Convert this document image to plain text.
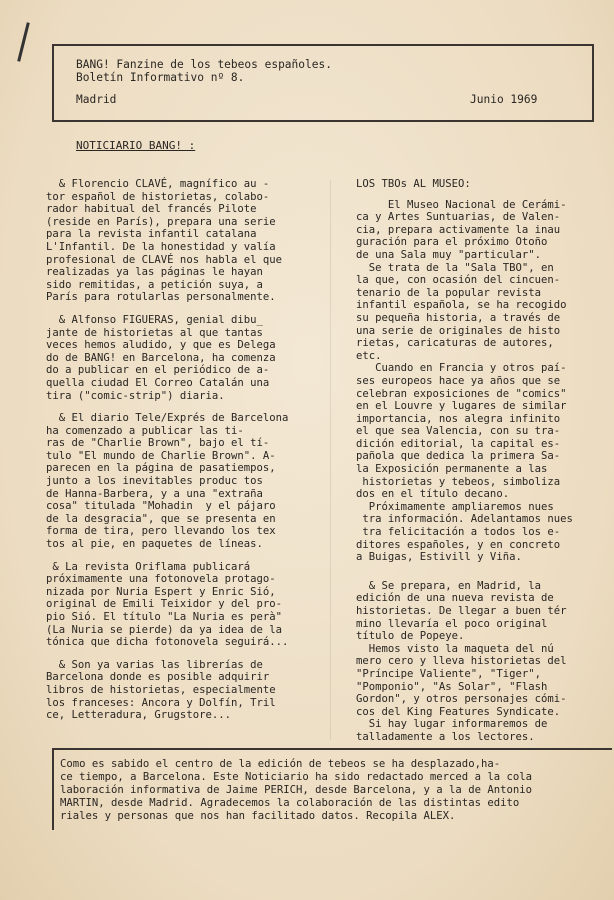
BANG! Fanzine de los tebeos españoles.
Boletín Informativo nº 8.
Madrid	Junio 1969
NOTICIARIO BANG! :

& Florencio CLAVÉ, magnífico au -
tor español de historietas, colabo-
rador habitual del francés Pilote
(reside en París), prepara una serie
para la revista infantil catalana
L'Infantil. De la honestidad y valía
profesional de CLAVÉ nos habla el que
realizadas ya las páginas le hayan
sido remitidas, a petición suya, a
París para rotularlas personalmente.

& Alfonso FIGUERAS, genial dibu_
jante de historietas al que tantas
veces hemos aludido, y que es Delega
do de BANG! en Barcelona, ha comenza
do a publicar en el periódico de a-
quella ciudad El Correo Catalán una
tira ("comic-strip") diaria.

& El diario Tele/Exprés de Barcelona
ha comenzado a publicar las ti-
ras de "Charlie Brown", bajo el tí-
tulo "El mundo de Charlie Brown". A-
parecen en la página de pasatiempos,
junto a los inevitables produc tos
de Hanna-Barbera, y a una "extraña
cosa" titulada "Mohadin  y el pájaro
de la desgracia", que se presenta en
forma de tira, pero llevando los tex
tos al pie, en paquetes de líneas.

& La revista Oriflama publicará
próximamente una fotonovela protago-
nizada por Nuria Espert y Enric Sió,
original de Emili Teixidor y del pro-
pio Sió. El título "La Nuria es perà"
(La Nuria se pierde) da ya idea de la
tónica que dicha fotonovela seguirá...

& Son ya varias las librerías de
Barcelona donde es posible adquirir
libros de historietas, especialmente
los franceses: Ancora y Dolfín, Tril
ce, Letteradura, Grugstore...

LOS TBOs AL MUSEO:

El Museo Nacional de Cerámi-
ca y Artes Suntuarias, de Valen-
cia, prepara activamente la inau
guración para el próximo Otoño
de una Sala muy "particular".
Se trata de la "Sala TBO", en
la que, con ocasión del cincuen-
tenario de la popular revista
infantil española, se ha recogido
su pequeña historia, a través de
una serie de originales de histo
rietas, caricaturas de autores,
etc.
Cuando en Francia y otros paí-
ses europeos hace ya años que se
celebran exposiciones de "comics"
en el Louvre y lugares de similar
importancia, nos alegra infinito
el que sea Valencia, con su tra-
dición editorial, la capital es-
pañola que dedica la primera Sa-
la Exposición permanente a las
historietas y tebeos, simboliza
dos en el título decano.
Próximamente ampliaremos nues
tra información. Adelantamos nues
tra felicitación a todos los e-
ditores españoles, y en concreto
a Buigas, Estivill y Viña.

& Se prepara, en Madrid, la
edición de una nueva revista de
historietas. De llegar a buen tér
mino llevaría el poco original
título de Popeye.
Hemos visto la maqueta del nú
mero cero y lleva historietas del
"Príncipe Valiente", "Tiger",
"Pomponio", "As Solar", "Flash
Gordon", y otros personajes cómi-
cos del King Features Syndicate.
Si hay lugar informaremos de
talladamente a los lectores.

Como es sabido el centro de la edición de tebeos se ha desplazado,ha-
ce tiempo, a Barcelona. Este Noticiario ha sido redactado merced a la cola
laboración informativa de Jaime PERICH, desde Barcelona, y a la de Antonio
MARTIN, desde Madrid. Agradecemos la colaboración de las distintas edito
riales y personas que nos han facilitado datos. Recopila ALEX.
